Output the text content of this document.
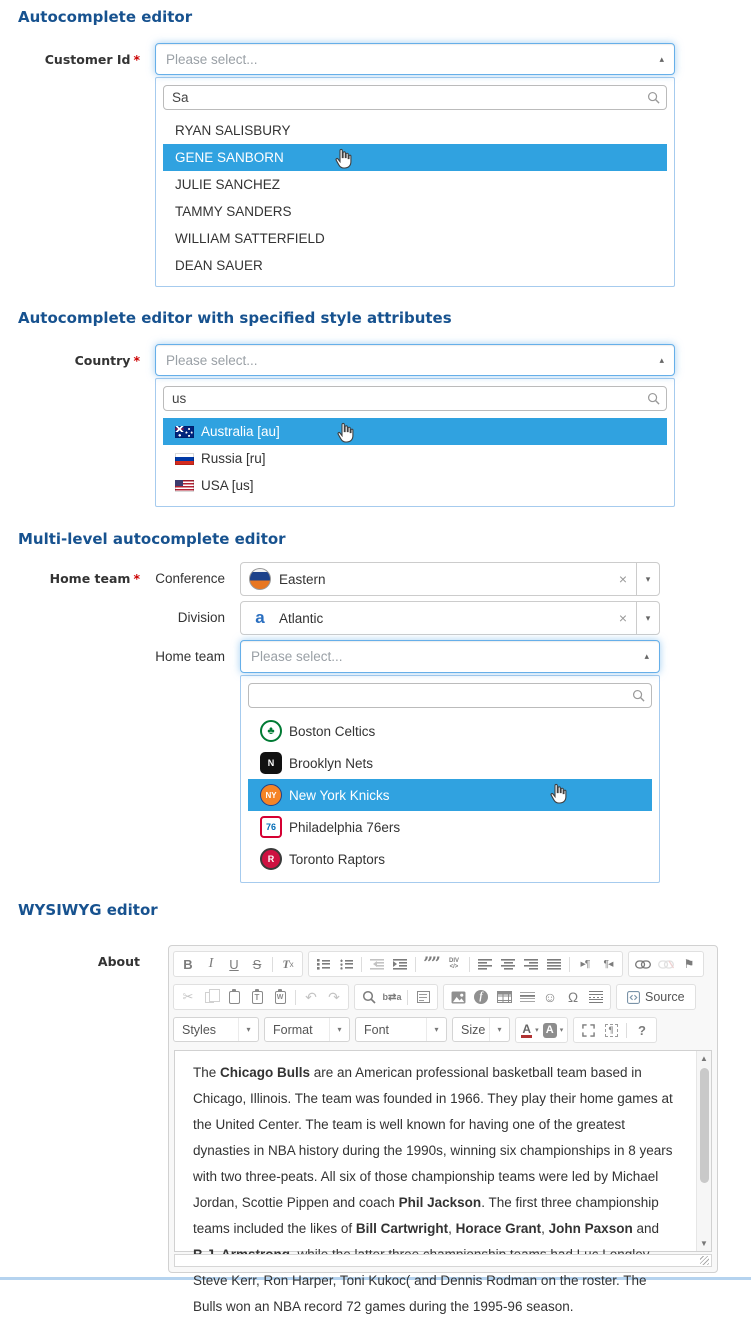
Autocomplete editor
Customer Id *	Please select...	▴
Sa
RYAN SALISBURY
GENE SANBORN
JULIE SANCHEZ
TAMMY SANDERS
WILLIAM SATTERFIELD
DEAN SAUER
Autocomplete editor with specified style attributes
Country *	Please select...	▴
us
Australia [au]
Russia [ru]
USA [us]
Multi-level autocomplete editor
Home team *	Conference	Eastern	×	▾
Division	a	Atlantic	×	▾
Home team	Please select...	▴
♣	Boston Celtics
N	Brooklyn Nets
NY New York Knicks
76 Philadelphia 76ers
R	Toronto Raptors
WYSIWYG editor
About	B I U S T x	”” DIV
</>	▸¶ ¶◂	⚑
✂ T W	↶ ↷	b⇄a	f	☺ Ω	Source
Styles	▾	Format	▾	Font	▾	Size	▾	A ▾ A ▾	¶ ?
The Chicago Bulls are an American professional basketball team based in Chicago, Illinois. The team was founded in 1966. They play their home games at the United Center. The team is well known for having one of the greatest dynasties in NBA history during the 1990s, winning six championships in 8 years with two three-peats. All six of those championship teams were led by Michael Jordan, Scottie Pippen and coach Phil Jackson. The first three championship teams included the likes of Bill Cartwright, Horace Grant, John Paxson and Steve Kerr, Ron Harper, Toni Kukoc( and Dennis Rodman on the roster. The Bulls won an NBA record 72 games during the 1995-96 season.
▲
▼
